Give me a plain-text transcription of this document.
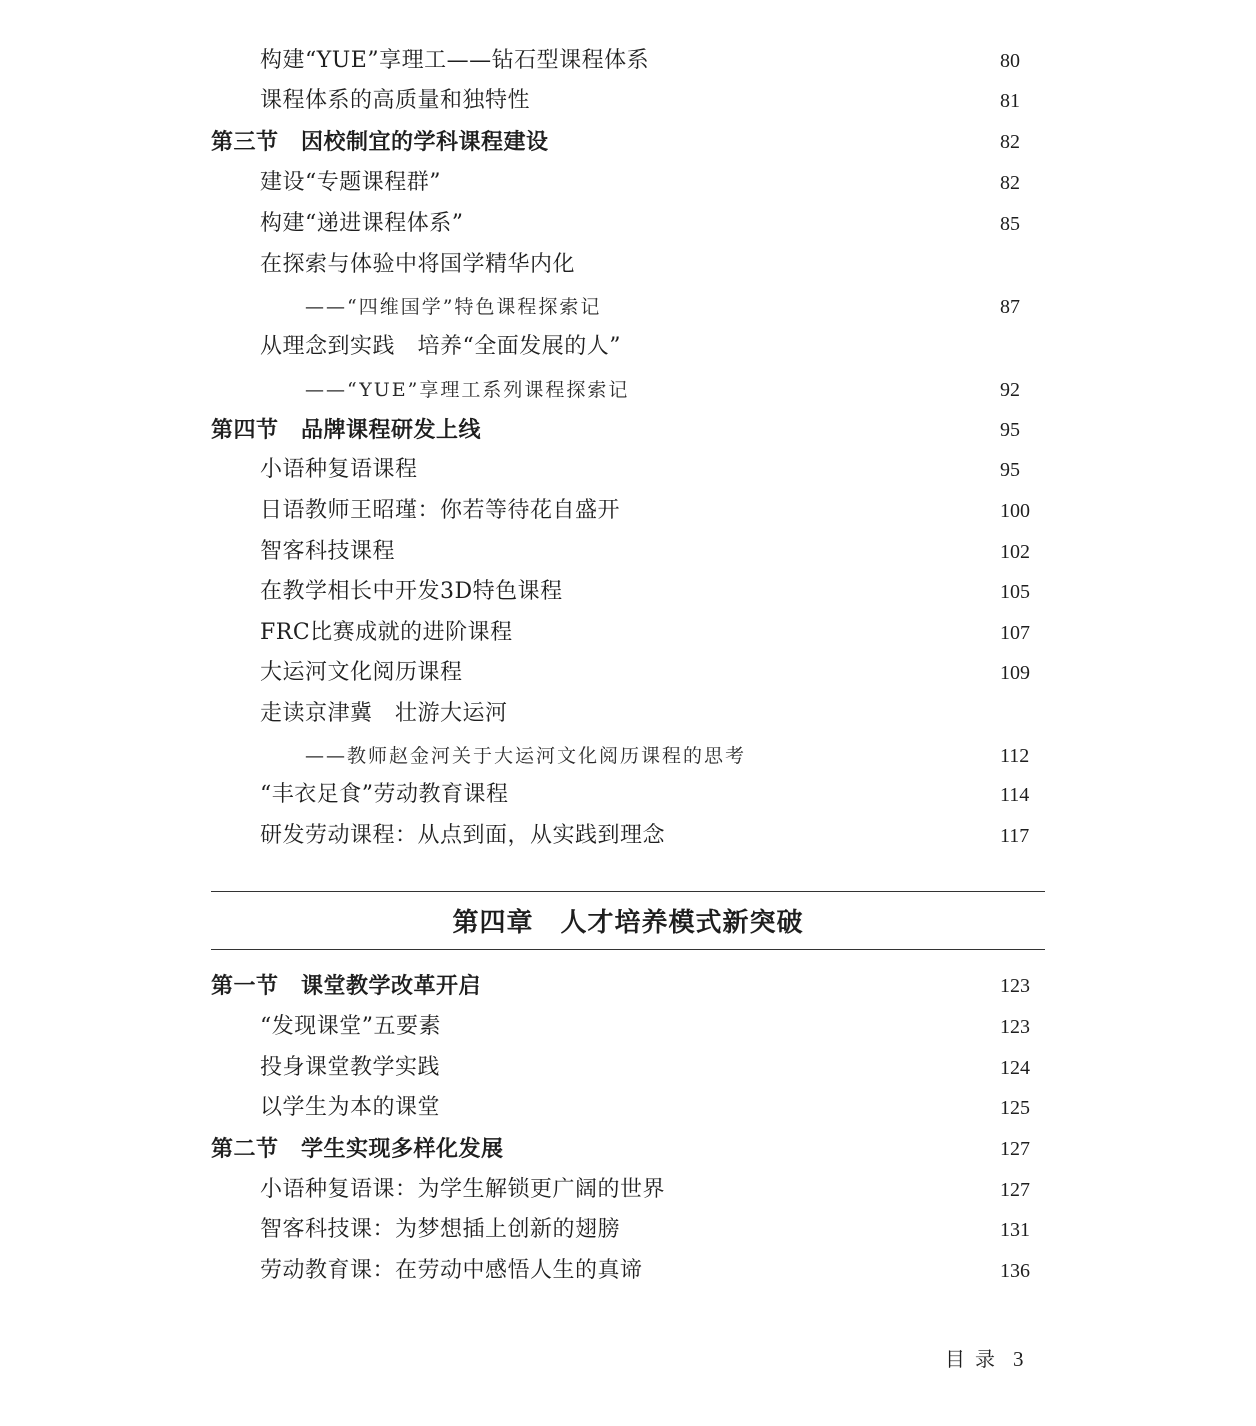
构建“YUE”享理工——钻石型课程体系	80
课程体系的高质量和独特性	81
第三节　因校制宜的学科课程建设	82
建设“专题课程群”	82
构建“递进课程体系”	85
在探索与体验中将国学精华内化
——“四维国学”特色课程探索记	87
从理念到实践　培养“全面发展的人”
——“YUE”享理工系列课程探索记	92
第四节　品牌课程研发上线	95
小语种复语课程	95
日语教师王昭瑾：你若等待花自盛开	100
智客科技课程	102
在教学相长中开发3D特色课程	105
FRC比赛成就的进阶课程	107
大运河文化阅历课程	109
走读京津冀　壮游大运河
——教师赵金河关于大运河文化阅历课程的思考	112
“丰衣足食”劳动教育课程	114
研发劳动课程：从点到面，从实践到理念	117
第四章　人才培养模式新突破
第一节　课堂教学改革开启	123
“发现课堂”五要素	123
投身课堂教学实践	124
以学生为本的课堂	125
第二节　学生实现多样化发展	127
小语种复语课：为学生解锁更广阔的世界	127
智客科技课：为梦想插上创新的翅膀	131
劳动教育课：在劳动中感悟人生的真谛	136
目录 3
